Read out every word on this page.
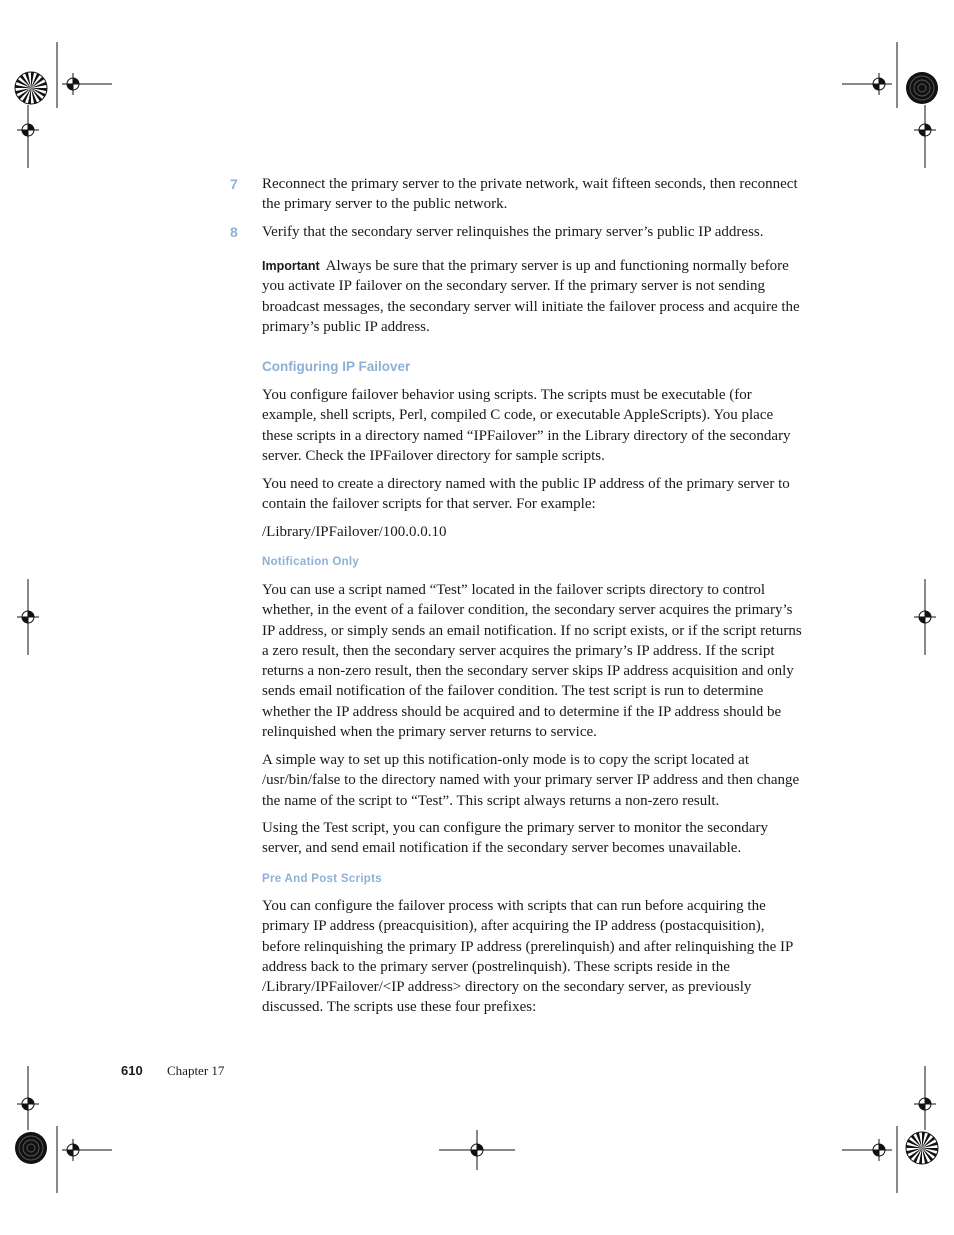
7	Reconnect the primary server to the private network, wait fifteen seconds, then reconnect the primary server to the public network.
8	Verify that the secondary server relinquishes the primary server’s public IP address.

Important Always be sure that the primary server is up and functioning normally before you activate IP failover on the secondary server. If the primary server is not sending broadcast messages, the secondary server will initiate the failover process and acquire the primary’s public IP address.

Configuring IP Failover

You configure failover behavior using scripts. The scripts must be executable (for example, shell scripts, Perl, compiled C code, or executable AppleScripts). You place these scripts in a directory named “IPFailover” in the Library directory of the secondary server. Check the IPFailover directory for sample scripts.

You need to create a directory named with the public IP address of the primary server to contain the failover scripts for that server. For example:

/Library/IPFailover/100.0.0.10

Notification Only

You can use a script named “Test” located in the failover scripts directory to control whether, in the event of a failover condition, the secondary server acquires the primary’s IP address, or simply sends an email notification. If no script exists, or if the script returns a zero result, then the secondary server acquires the primary’s IP address. If the script returns a non-zero result, then the secondary server skips IP address acquisition and only sends email notification of the failover condition. The test script is run to determine whether the IP address should be acquired and to determine if the IP address should be relinquished when the primary server returns to service.

A simple way to set up this notification-only mode is to copy the script located at /usr/bin/false to the directory named with your primary server IP address and then change the name of the script to “Test”. This script always returns a non-zero result.

Using the Test script, you can configure the primary server to monitor the secondary server, and send email notification if the secondary server becomes unavailable.

Pre And Post Scripts

You can configure the failover process with scripts that can run before acquiring the primary IP address (preacquisition), after acquiring the IP address (postacquisition), before relinquishing the primary IP address (prerelinquish) and after relinquishing the IP address back to the primary server (postrelinquish). These scripts reside in the /Library/IPFailover/<IP address> directory on the secondary server, as previously discussed. The scripts use these four prefixes:

610 Chapter 17
